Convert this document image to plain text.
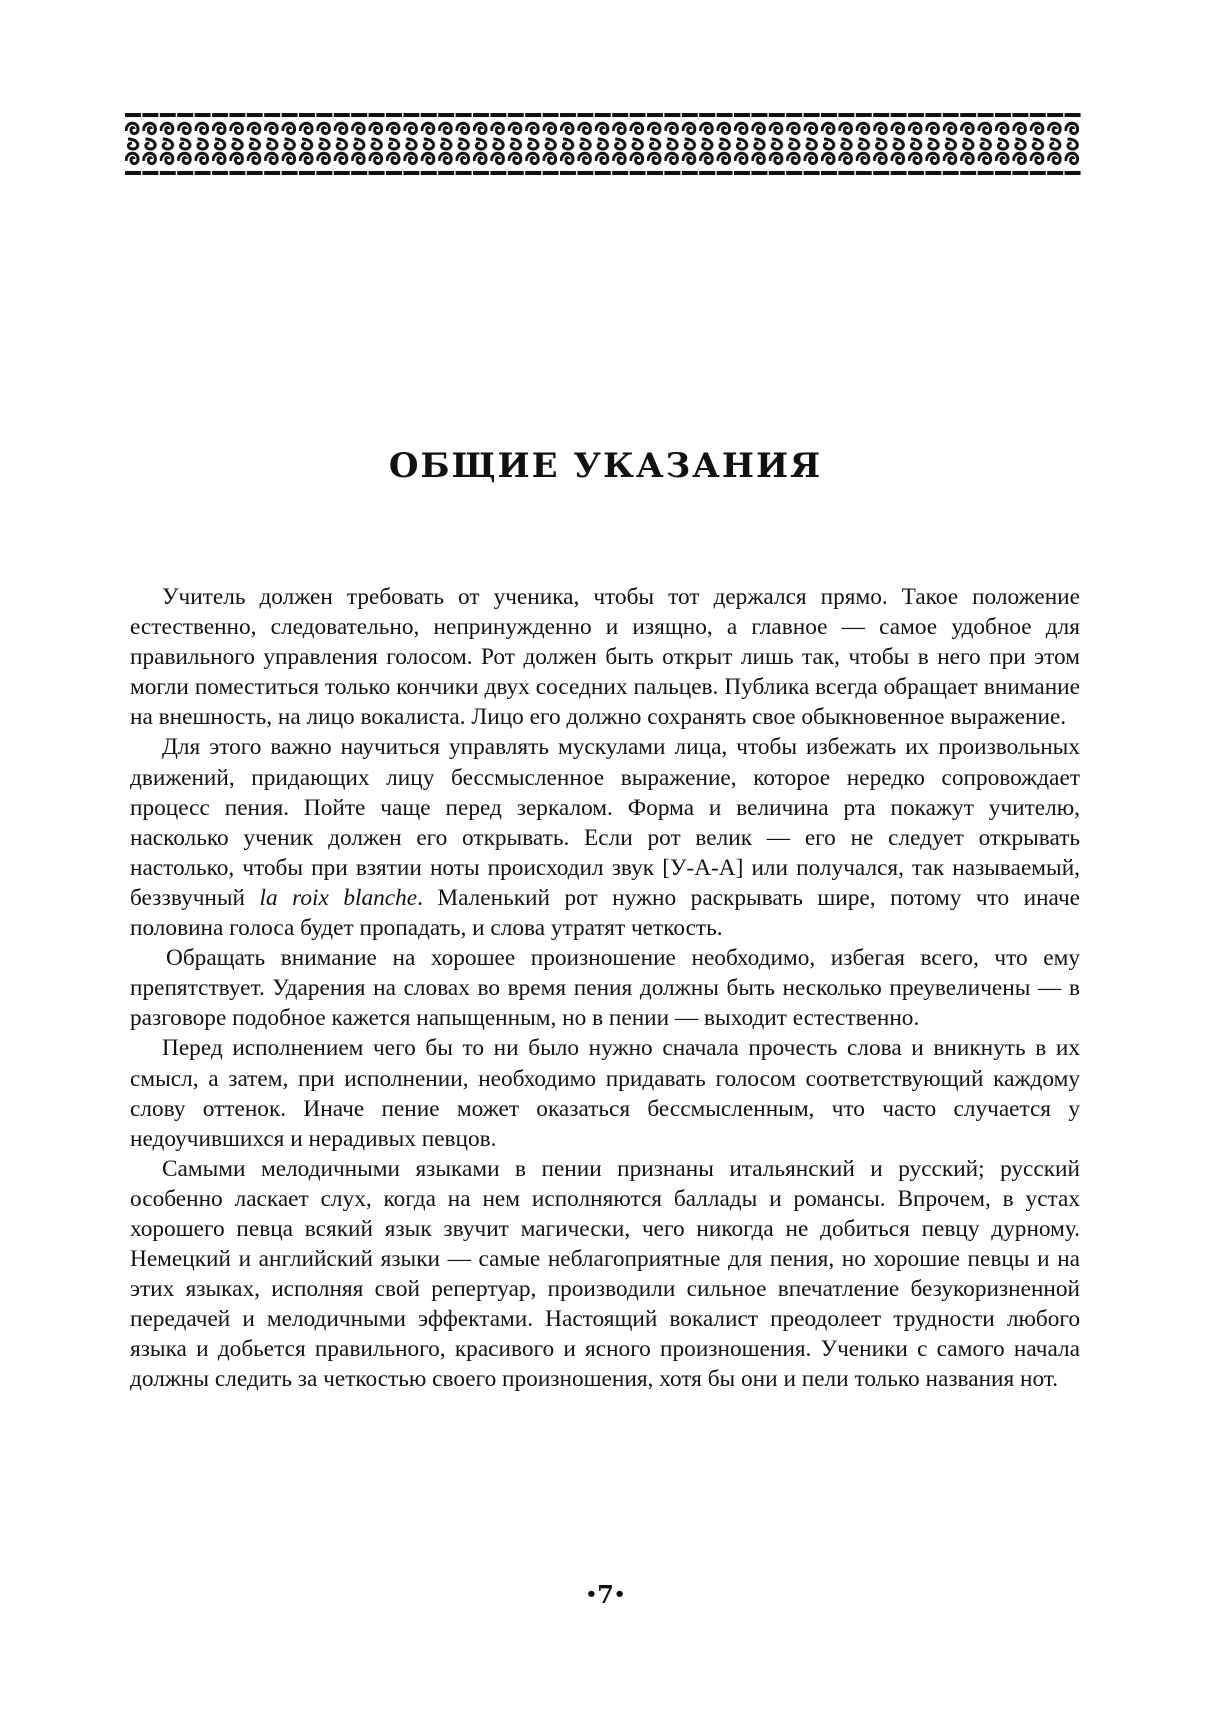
ОБЩИЕ УКАЗАНИЯ

Учитель должен требовать от ученика, чтобы тот держался прямо. Такое положение естественно, следовательно, непринужденно и изящно, а главное — самое удобное для правильного управления голосом. Рот должен быть открыт лишь так, чтобы в него при этом могли поместиться только кончики двух соседних пальцев. Публика всегда обращает внимание на внешность, на лицо вокалиста. Лицо его должно сохранять свое обыкновенное выражение.

Для этого важно научиться управлять мускулами лица, чтобы избежать их произвольных движений, придающих лицу бессмысленное выражение, которое нередко сопровождает процесс пения. Пойте чаще перед зеркалом. Форма и величина рта покажут учителю, насколько ученик должен его открывать. Если рот велик — его не следует открывать настолько, чтобы при взятии ноты происходил звук [У-А-А] или получался, так называемый, беззвучный la roix blanche. Маленький рот нужно раскрывать шире, потому что иначе половина голоса будет пропадать, и слова утратят четкость.

Обращать внимание на хорошее произношение необходимо, избегая всего, что ему препятствует. Ударения на словах во время пения должны быть несколько преувеличены — в разговоре подобное кажется напыщенным, но в пении — выходит естественно.

Перед исполнением чего бы то ни было нужно сначала прочесть слова и вникнуть в их смысл, а затем, при исполнении, необходимо придавать голосом соответствующий каждому слову оттенок. Иначе пение может оказаться бессмысленным, что часто случается у недоучившихся и нерадивых певцов.

Самыми мелодичными языками в пении признаны итальянский и русский; русский особенно ласкает слух, когда на нем исполняются баллады и романсы. Впрочем, в устах хорошего певца всякий язык звучит магически, чего никогда не добиться певцу дурному. Немецкий и английский языки — самые неблагоприятные для пения, но хорошие певцы и на этих языках, исполняя свой репертуар, производили сильное впечатление безукоризненной передачей и мелодичными эффектами. Настоящий вокалист преодолеет трудности любого языка и добьется правильного, красивого и ясного произношения. Ученики с самого начала должны следить за четкостью своего произношения, хотя бы они и пели только названия нот.

•7•
